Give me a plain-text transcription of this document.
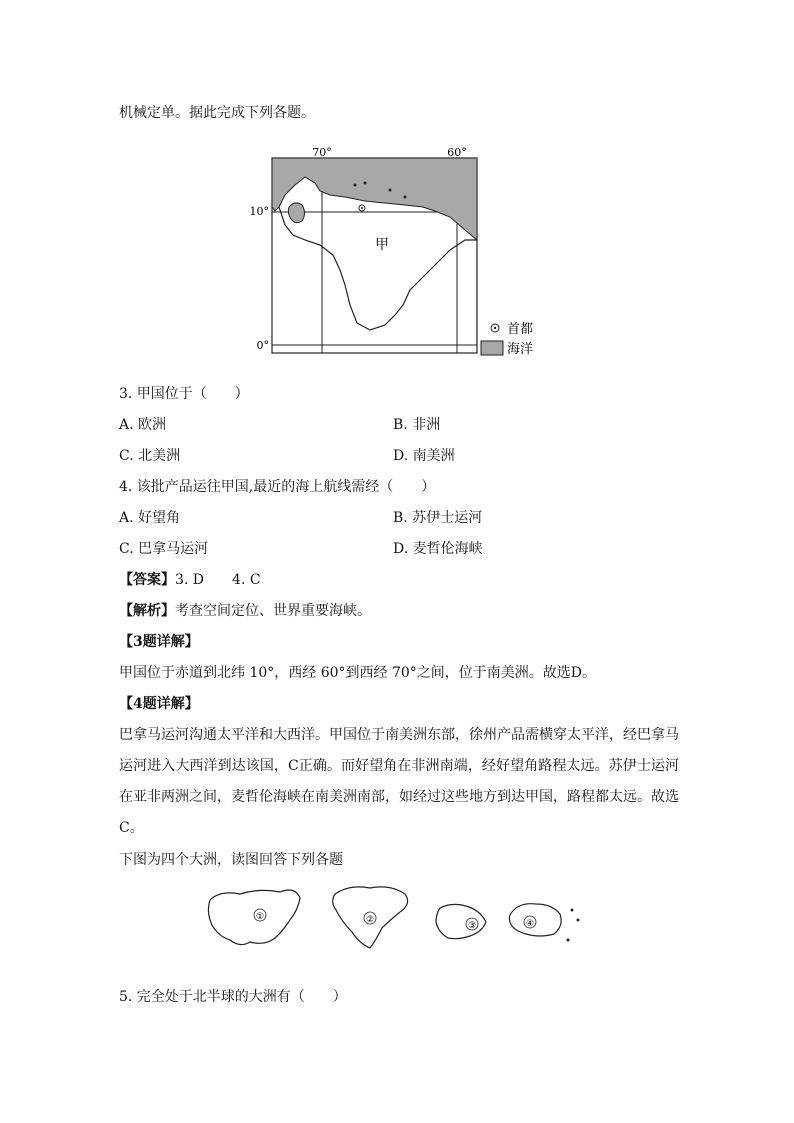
机械定单。据此完成下列各题。
70°	60°
10°
0°
甲
首都
海洋
3. 甲国位于（　　）
A. 欧洲	B. 非洲
C. 北美洲	D. 南美洲
4. 该批产品运往甲国,最近的海上航线需经（　　）
A. 好望角	B. 苏伊士运河
C. 巴拿马运河	D. 麦哲伦海峡
【答案】3. D　　4. C
【解析】考查空间定位、世界重要海峡。
【3题详解】
甲国位于赤道到北纬 10°，西经 60°到西经 70°之间，位于南美洲。故选D。
【4题详解】
巴拿马运河沟通太平洋和大西洋。甲国位于南美洲东部，徐州产品需横穿太平洋，经巴拿马运河进入大西洋到达该国，C正确。而好望角在非洲南端，经好望角路程太远。苏伊士运河在亚非两洲之间，麦哲伦海峡在南美洲南部，如经过这些地方到达甲国，路程都太远。故选C。
下图为四个大洲，读图回答下列各题
①	②
③	④
5. 完全处于北半球的大洲有（　　）
